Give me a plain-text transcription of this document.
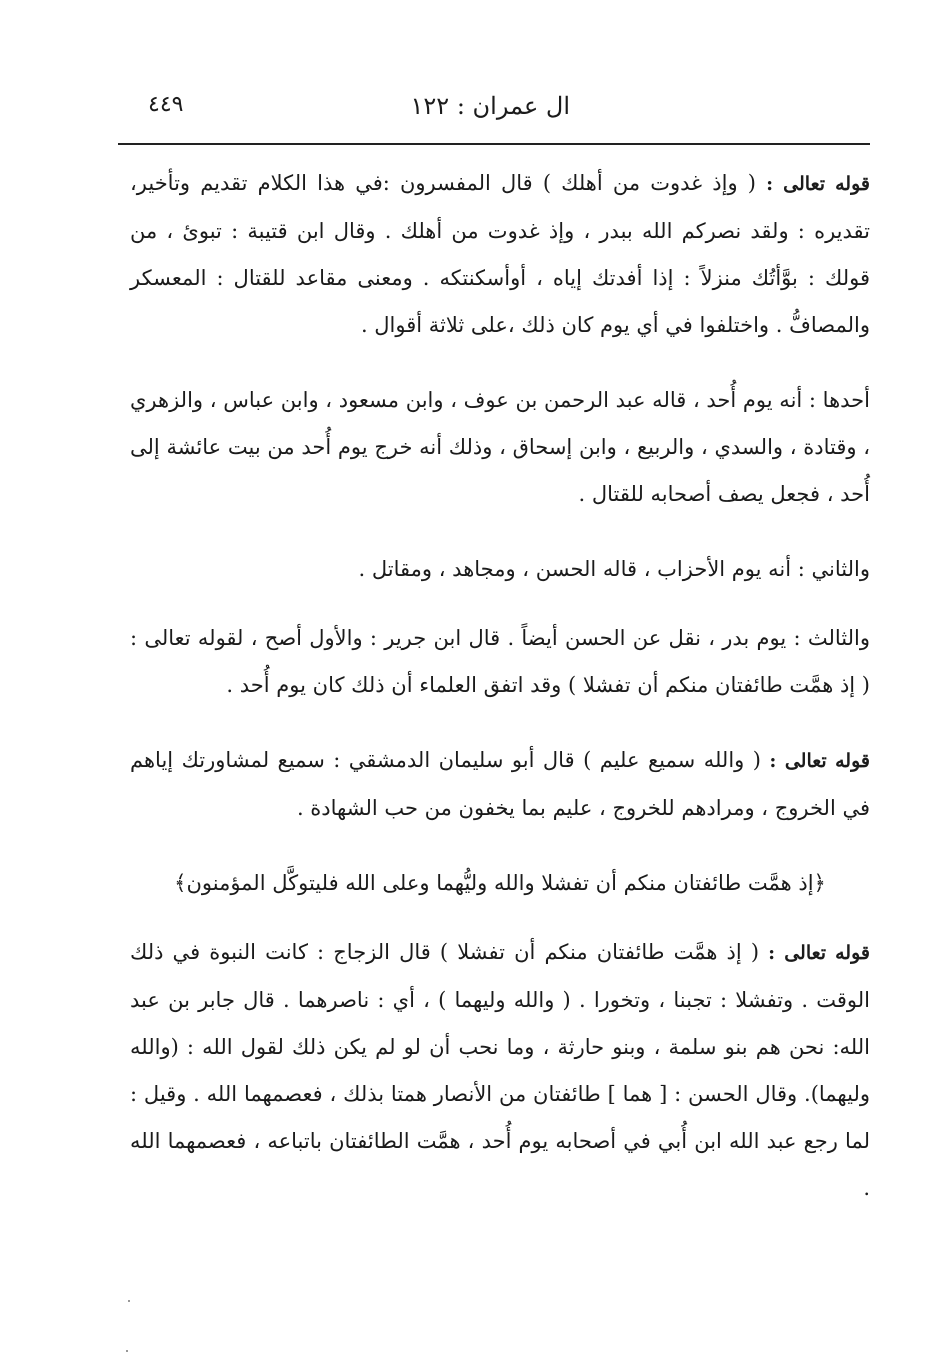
ال عمران : ١٢٢
٤٤٩

قوله تعالى : ( وإذ غدوت من أهلك ) قال المفسرون :في هذا الكلام تقديم وتأخير، تقديره : ولقد نصركم الله ببدر ، وإذ غدوت من أهلك . وقال ابن قتيبة : تبوئ ، من قولك : بوَّأتُك منزلاً : إذا أفدتك إياه ، أوأسكنتكه . ومعنى مقاعد للقتال : المعسكر والمصافُّ . واختلفوا في أي يوم كان ذلك ،على ثلاثة أقوال .

أحدها : أنه يوم أُحد ، قاله عبد الرحمن بن عوف ، وابن مسعود ، وابن عباس ، والزهري ، وقتادة ، والسدي ، والربيع ، وابن إسحاق ، وذلك أنه خرج يوم أُحد من بيت عائشة إلى أُحد ، فجعل يصف أصحابه للقتال .

والثاني : أنه يوم الأحزاب ، قاله الحسن ، ومجاهد ، ومقاتل .

والثالث : يوم بدر ، نقل عن الحسن أيضاً . قال ابن جرير : والأول أصح ، لقوله تعالى : ( إذ همَّت طائفتان منكم أن تفشلا ) وقد اتفق العلماء أن ذلك كان يوم أُحد .

قوله تعالى : ( والله سميع عليم ) قال أبو سليمان الدمشقي : سميع لمشاورتك إياهم في الخروج ، ومرادهم للخروج ، عليم بما يخفون من حب الشهادة .

﴿إذ همَّت طائفتان منكم أن تفشلا والله وليُّهما وعلى الله فليتوكَّل المؤمنون﴾

قوله تعالى : ( إذ همَّت طائفتان منكم أن تفشلا ) قال الزجاج : كانت النبوة في ذلك الوقت . وتفشلا : تجبنا ، وتخورا . ( والله وليهما ) ، أي : ناصرهما . قال جابر بن عبد الله: نحن هم بنو سلمة ، وبنو حارثة ، وما نحب أن لو لم يكن ذلك لقول الله : (والله وليهما). وقال الحسن : [ هما ] طائفتان من الأنصار همتا بذلك ، فعصمهما الله . وقيل : لما رجع عبد الله ابن أُبي في أصحابه يوم أُحد ، همَّت الطائفتان باتباعه ، فعصمهما الله .
